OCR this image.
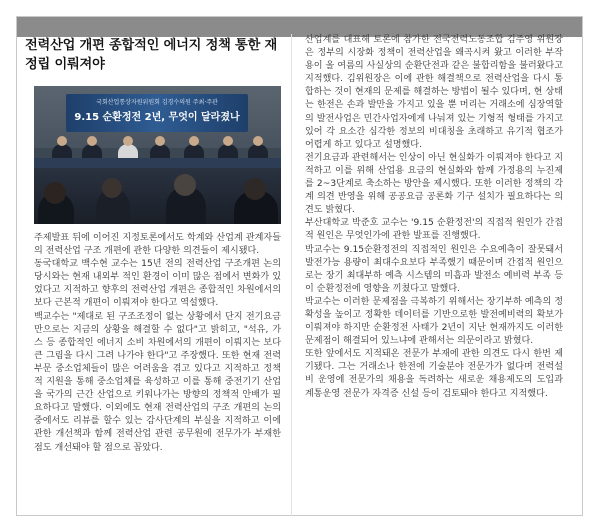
전력산업 개편 종합적인 에너지 정책 통한 재정립 이뤄져야
국회산업통상자원위원회 김경수의원 주최·주관
9.15 순환정전 2년, 무엇이 달라졌나

주제발표 뒤에 이어진 지정토론에서도 학계와 산업계 관계자들의 전력산업 구조 개편에 관한 다양한 의견들이 제시됐다.

동국대학교 백수현 교수는 15년 전의 전력산업 구조개편 논의 당시와는 현재 내외부 적인 환경이 이미 많은 점에서 변화가 있었다고 지적하고 향후의 전력산업 개편은 종합적인 차원에서의 보다 근본적 개편이 이뤄져야 한다고 역설했다.

백교수는 "제대로 된 구조조정이 없는 상황에서 단지 전기요금만으로는 지금의 상황을 해결할 수 없다"고 밝히고, "석유, 가스 등 종합적인 에너지 소비 차원에서의 개편이 이뤄지는 보다 큰 그림을 다시 그려 나가야 한다"고 주장했다. 또한 현재 전력부문 중소업체들이 많은 어려움을 겪고 있다고 지적하고 정책적 지원을 통해 중소업체를 육성하고 이를 통해 중전기기 산업을 국가의 근간 산업으로 키워나가는 방향의 정책적 안배가 필요하다고 말했다. 이외에도 현재 전력산업의 구조 개편의 논의 중에서도 리뷰를 할수 있는 감사단계의 부실을 지적하고 이에관한 개선책과 함께 전력산업 관련 공무원에 전무가가 부재한 점도 개선돼야 할 점으로 꼽았다.

산업계를 대표해 토론에 참가한 전국전력노동조합 김주영 위원장은 정부의 시장화 정책이 전력산업을 왜곡시켜 왔고 이러한 부작용이 올 여름의 사실상의 순환단전과 같은 불합리함을 불러왔다고 지적했다. 김위원장은 이에 관한 해결책으로 전력산업을 다시 통합하는 것이 현재의 문제를 해결하는 방법이 될수 있다며, 현 상태는 한전은 손과 발만을 가지고 있을 뿐 머리는 거래소에 심장역할의 발전사업은 민간사업자에게 나눠져 있는 기형적 형태를 가지고 있어 각 요소간 심각한 정보의 비대칭을 초래하고 유기적 협조가 어렵게 하고 있다고 설명했다.

전기요금과 관련해서는 인상이 아닌 현실화가 이뤄져야 한다고 지적하고 이를 위해 산업용 요금의 현실화와 함께 가정용의 누진제를 2~3단계로 축소하는 방안을 제시했다. 또한 이러한 정책의 각계 의견 반영을 위해 공공요금 공론화 기구 설치가 필요하다는 의견도 밝혔다.

부산대학교 박준호 교수는 '9.15 순환정전'의 직접적 원인가 간접적 원인은 무엇인가에 관한 발표를 진행했다.

박교수는 9.15순환정전의 직접적인 원인은 수요예측이 잘못돼서 발전가능 용량이 최대수요보다 부족했기 때문이며 간접적 원인으로는 장기 최대부하 예측 시스템의 미흡과 발전소 예비력 부족 등이 순환정전에 영향을 끼쳤다고 말했다.

박교수는 이러한 문제점을 극복하기 위해서는 장기부하 예측의 정확성을 높이고 정확한 데이터를 기반으로한 발전예비력의 확보가 이뤄져야 하지만 순환정전 사태가 2년이 지난 현재까지도 이러한 문제점이 해결되어 있느냐에 관해서는 의문이라고 밝혔다.

또한 앞에서도 지적돼온 전문가 부재에 관한 의견도 다시 한번 제기됐다. 그는 거래소나 한전에 기술분야 전문가가 없다며 전력설비 운영에 전문가의 채용을 독려하는 새로운 채용제도의 도입과 계통운영 전문가 자격증 신설 등이 검토돼야 한다고 지적했다.
